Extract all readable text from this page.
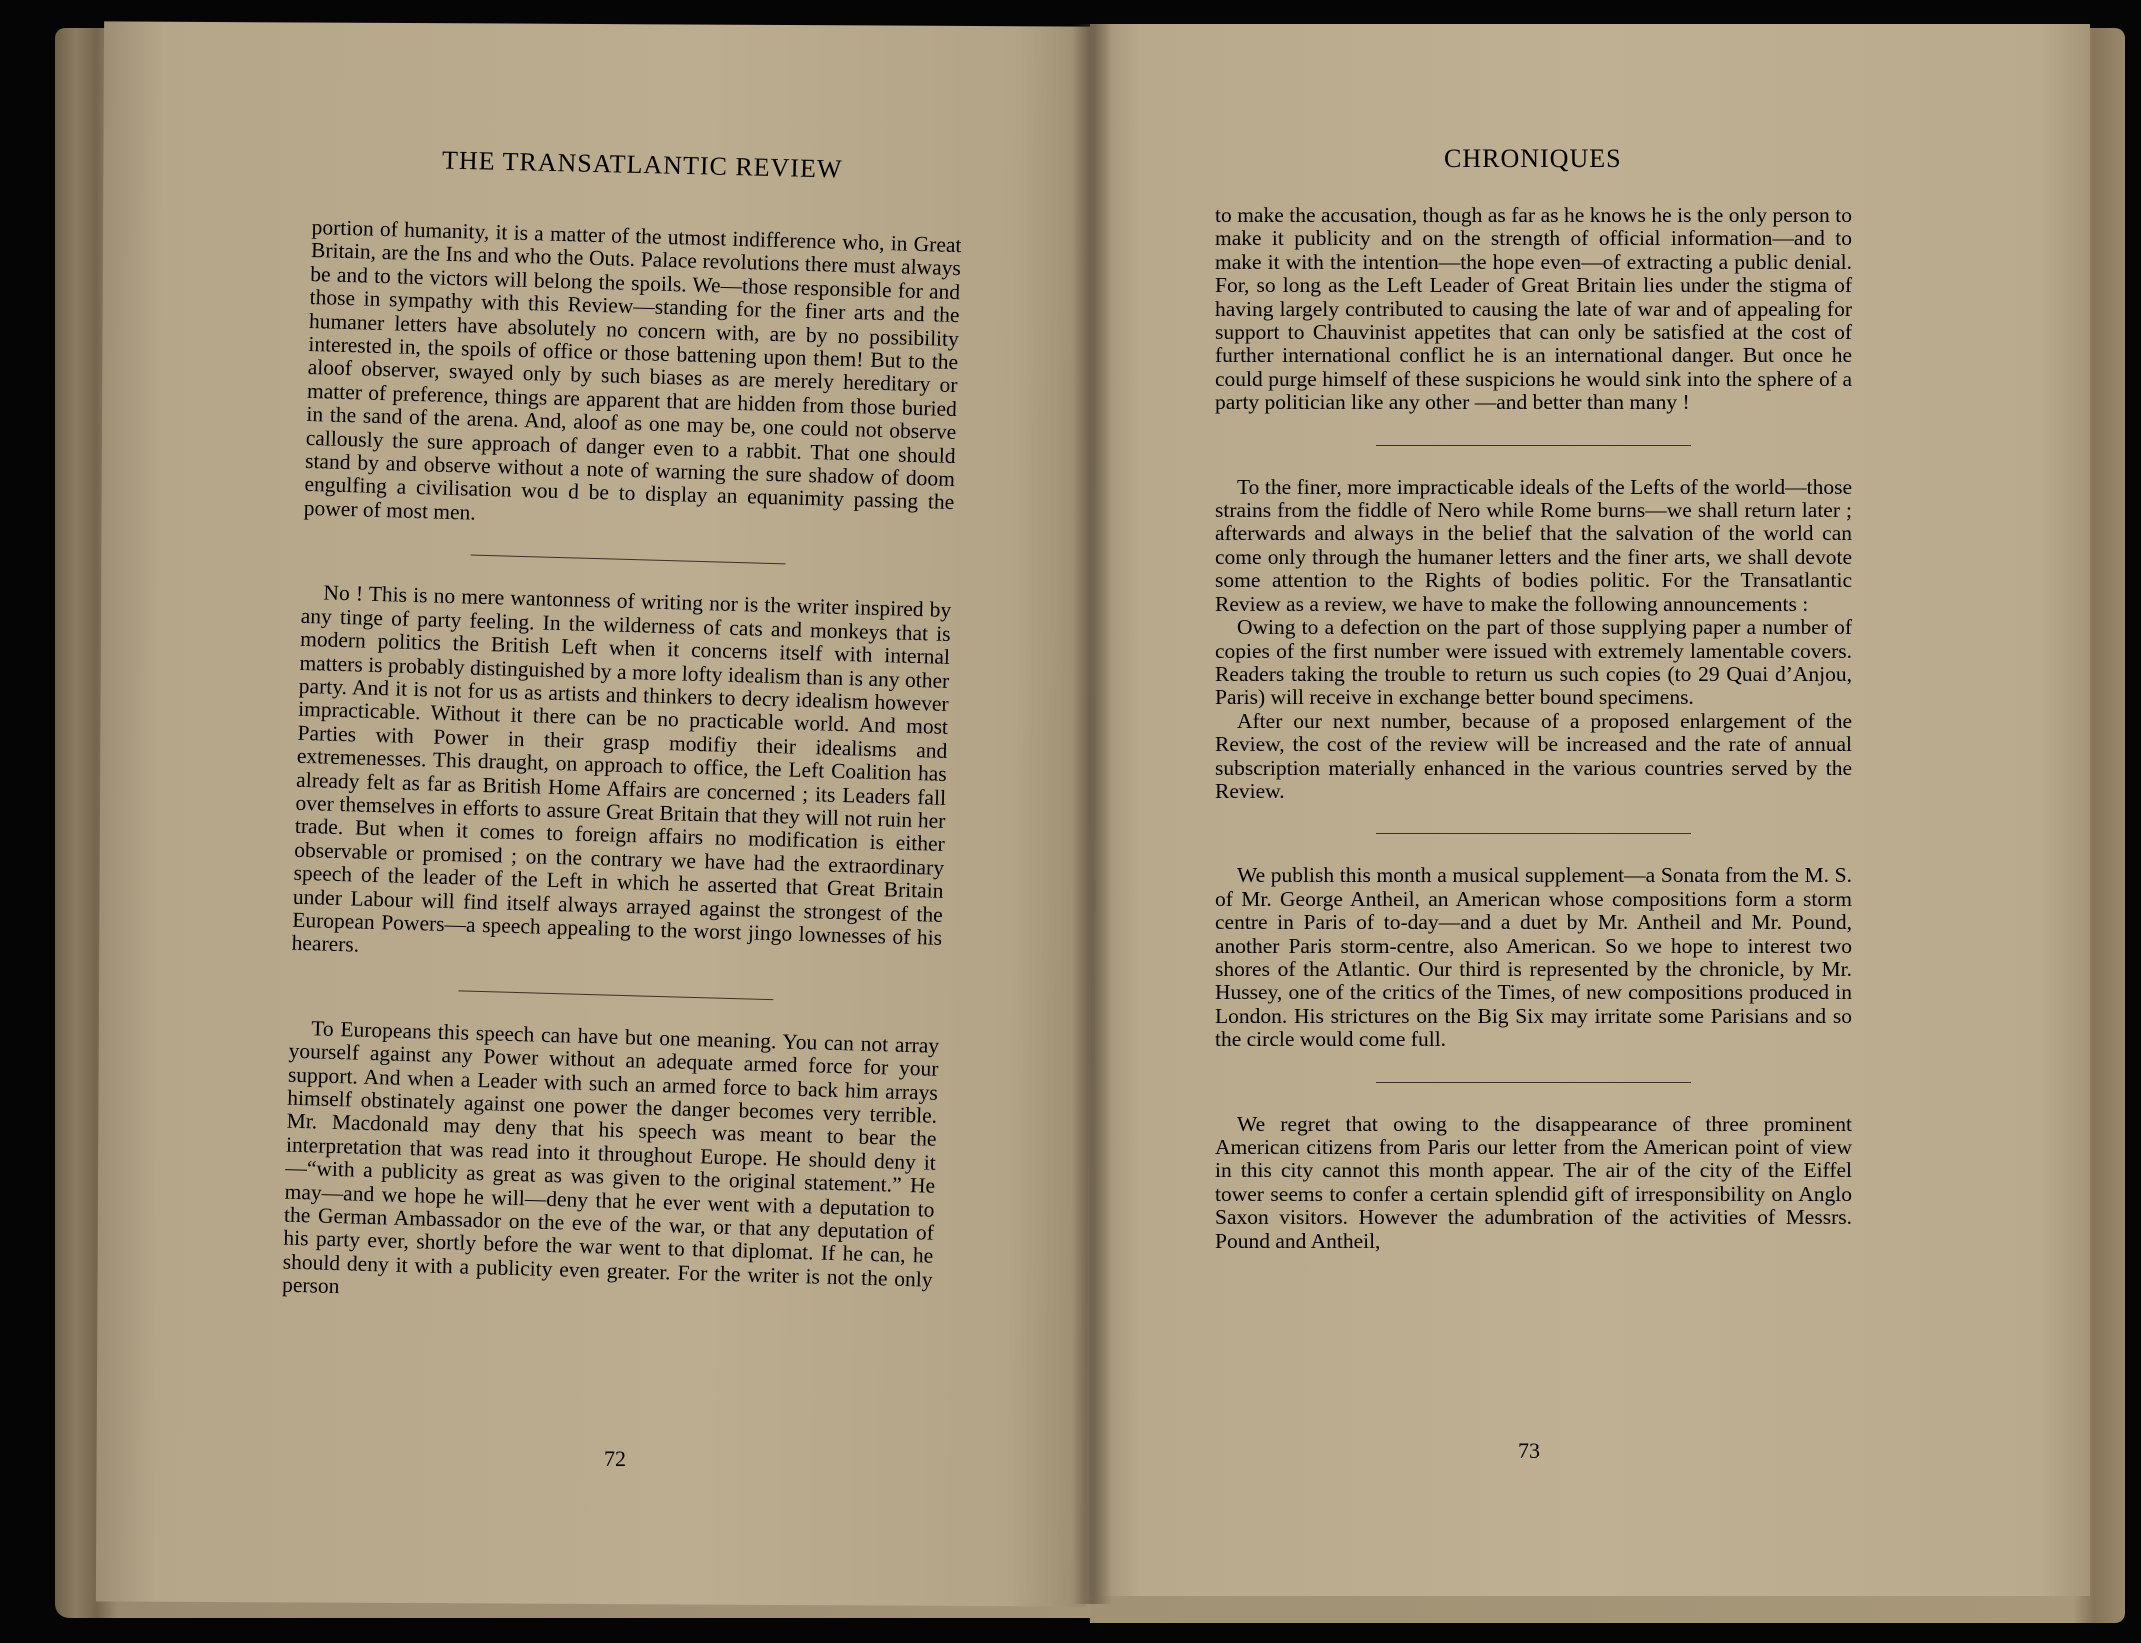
THE TRANSATLANTIC REVIEW

portion of humanity, it is a matter of the utmost indifference who, in Great Britain, are the Ins and who the Outs. Palace revolutions there must always be and to the victors will belong the spoils. We—those responsible for and those in sympathy with this Review—standing for the finer arts and the humaner letters have absolutely no concern with, are by no possibility interested in, the spoils of office or those battening upon them! But to the aloof observer, swayed only by such biases as are merely hereditary or matter of preference, things are apparent that are hidden from those buried in the sand of the arena. And, aloof as one may be, one could not observe callously the sure approach of danger even to a rabbit. That one should stand by and observe without a note of warning the sure shadow of doom engulfing a civilisation wou d be to display an equanimity passing the power of most men.

No ! This is no mere wantonness of writing nor is the writer inspired by any tinge of party feeling. In the wilderness of cats and monkeys that is modern politics the British Left when it concerns itself with internal matters is probably distinguished by a more lofty idealism than is any other party. And it is not for us as artists and thinkers to decry idealism however impracticable. Without it there can be no practicable world. And most Parties with Power in their grasp modifiy their idealisms and extremenesses. This draught, on approach to office, the Left Coalition has already felt as far as British Home Affairs are concerned ; its Leaders fall over themselves in efforts to assure Great Britain that they will not ruin her trade. But when it comes to foreign affairs no modification is either observable or promised ; on the contrary we have had the extraordinary speech of the leader of the Left in which he asserted that Great Britain under Labour will find itself always arrayed against the strongest of the European Powers—a speech appealing to the worst jingo lownesses of his hearers.

To Europeans this speech can have but one meaning. You can not array yourself against any Power without an adequate armed force for your support. And when a Leader with such an armed force to back him arrays himself obstinately against one power the danger becomes very terrible. Mr. Macdonald may deny that his speech was meant to bear the interpretation that was read into it throughout Europe. He should deny it—“with a publicity as great as was given to the original statement.” He may—and we hope he will—deny that he ever went with a deputation to the German Ambassador on the eve of the war, or that any deputation of his party ever, shortly before the war went to that diplomat. If he can, he should deny it with a publicity even greater. For the writer is not the only person

72
CHRONIQUES

to make the accusation, though as far as he knows he is the only person to make it publicity and on the strength of official information—and to make it with the intention—the hope even—of extracting a public denial. For, so long as the Left Leader of Great Britain lies under the stigma of having largely contributed to causing the late of war and of appealing for support to Chauvinist appetites that can only be satisfied at the cost of further international conflict he is an international danger. But once he could purge himself of these suspicions he would sink into the sphere of a party politician like any other —and better than many !

To the finer, more impracticable ideals of the Lefts of the world—those strains from the fiddle of Nero while Rome burns—we shall return later ; afterwards and always in the belief that the salvation of the world can come only through the humaner letters and the finer arts, we shall devote some attention to the Rights of bodies politic. For the Transatlantic Review as a review, we have to make the following announcements :

Owing to a defection on the part of those supplying paper a number of copies of the first number were issued with extremely lamentable covers. Readers taking the trouble to return us such copies (to 29 Quai d’Anjou, Paris) will receive in exchange better bound specimens.

After our next number, because of a proposed enlargement of the Review, the cost of the review will be increased and the rate of annual subscription materially enhanced in the various countries served by the Review.

We publish this month a musical supplement—a Sonata from the M. S. of Mr. George Antheil, an American whose compositions form a storm centre in Paris of to-day—and a duet by Mr. Antheil and Mr. Pound, another Paris storm-centre, also American. So we hope to interest two shores of the Atlantic. Our third is represented by the chronicle, by Mr. Hussey, one of the critics of the Times, of new compositions produced in London. His strictures on the Big Six may irritate some Parisians and so the circle would come full.

We regret that owing to the disappearance of three prominent American citizens from Paris our letter from the American point of view in this city cannot this month appear. The air of the city of the Eiffel tower seems to confer a certain splendid gift of irresponsibility on Anglo Saxon visitors. However the adumbration of the activities of Messrs. Pound and Antheil,

73
